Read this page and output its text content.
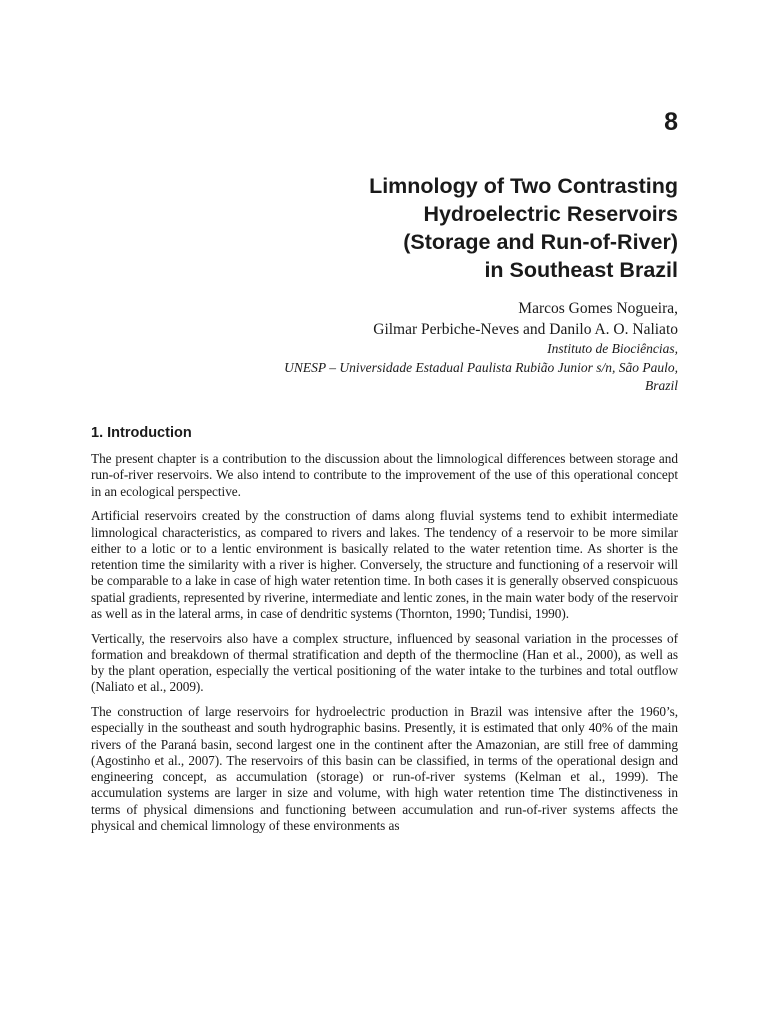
8
Limnology of Two Contrasting
Hydroelectric Reservoirs
(Storage and Run-of-River)
in Southeast Brazil
Marcos Gomes Nogueira,
Gilmar Perbiche-Neves and Danilo A. O. Naliato
Instituto de Biociências,
UNESP – Universidade Estadual Paulista Rubião Junior s/n, São Paulo,
Brazil
1. Introduction

The present chapter is a contribution to the discussion about the limnological differences between storage and run-of-river reservoirs. We also intend to contribute to the improvement of the use of this operational concept in an ecological perspective.

Artificial reservoirs created by the construction of dams along fluvial systems tend to exhibit intermediate limnological characteristics, as compared to rivers and lakes. The tendency of a reservoir to be more similar either to a lotic or to a lentic environment is basically related to the water retention time. As shorter is the retention time the similarity with a river is higher. Conversely, the structure and functioning of a reservoir will be comparable to a lake in case of high water retention time. In both cases it is generally observed conspicuous spatial gradients, represented by riverine, intermediate and lentic zones, in the main water body of the reservoir as well as in the lateral arms, in case of dendritic systems (Thornton, 1990; Tundisi, 1990).

Vertically, the reservoirs also have a complex structure, influenced by seasonal variation in the processes of formation and breakdown of thermal stratification and depth of the thermocline (Han et al., 2000), as well as by the plant operation, especially the vertical positioning of the water intake to the turbines and total outflow (Naliato et al., 2009).

The construction of large reservoirs for hydroelectric production in Brazil was intensive after the 1960’s, especially in the southeast and south hydrographic basins. Presently, it is estimated that only 40% of the main rivers of the Paraná basin, second largest one in the continent after the Amazonian, are still free of damming (Agostinho et al., 2007). The reservoirs of this basin can be classified, in terms of the operational design and engineering concept, as accumulation (storage) or run-of-river systems (Kelman et al., 1999). The accumulation systems are larger in size and volume, with high water retention time The distinctiveness in terms of physical dimensions and functioning between accumulation and run-of-river systems affects the physical and chemical limnology of these environments as
